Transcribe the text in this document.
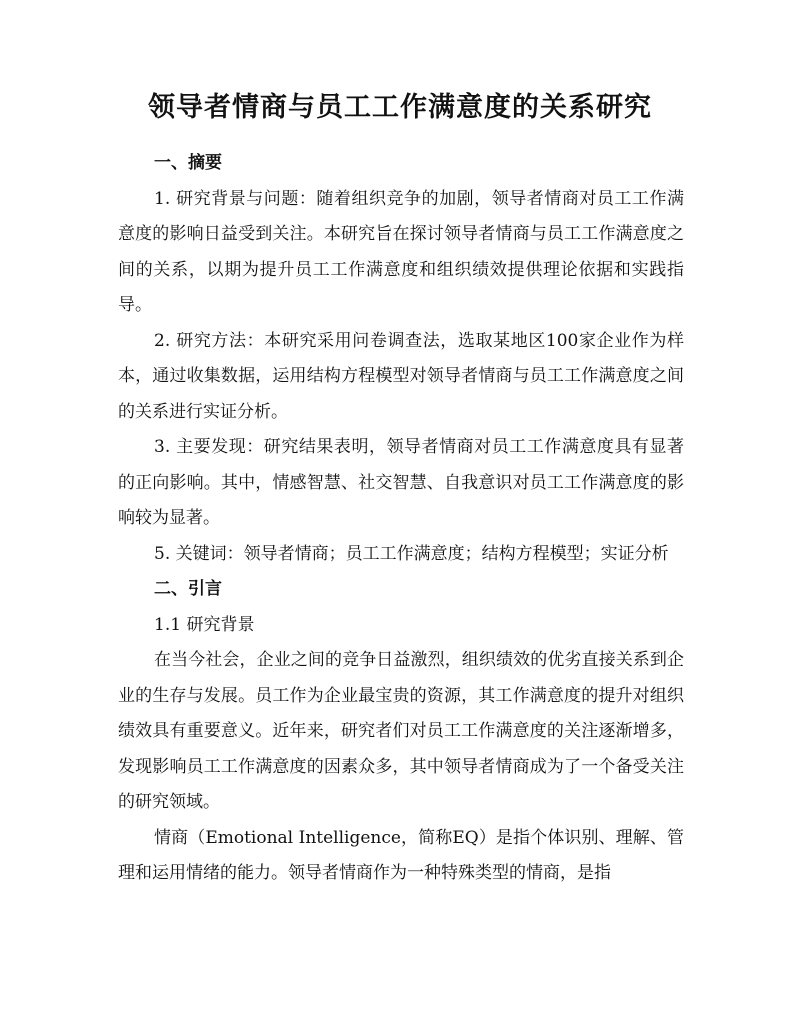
领导者情商与员工工作满意度的关系研究

一、摘要

1. 研究背景与问题：随着组织竞争的加剧，领导者情商对员工工作满意度的影响日益受到关注。本研究旨在探讨领导者情商与员工工作满意度之间的关系，以期为提升员工工作满意度和组织绩效提供理论依据和实践指导。

2. 研究方法：本研究采用问卷调查法，选取某地区100家企业作为样本，通过收集数据，运用结构方程模型对领导者情商与员工工作满意度之间的关系进行实证分析。

3. 主要发现：研究结果表明，领导者情商对员工工作满意度具有显著的正向影响。其中，情感智慧、社交智慧、自我意识对员工工作满意度的影响较为显著。

5. 关键词：领导者情商；员工工作满意度；结构方程模型；实证分析

二、引言

1.1 研究背景

在当今社会，企业之间的竞争日益激烈，组织绩效的优劣直接关系到企业的生存与发展。员工作为企业最宝贵的资源，其工作满意度的提升对组织绩效具有重要意义。近年来，研究者们对员工工作满意度的关注逐渐增多，发现影响员工工作满意度的因素众多，其中领导者情商成为了一个备受关注的研究领域。

情商（Emotional Intelligence，简称EQ）是指个体识别、理解、管理和运用情绪的能力。领导者情商作为一种特殊类型的情商，是指
